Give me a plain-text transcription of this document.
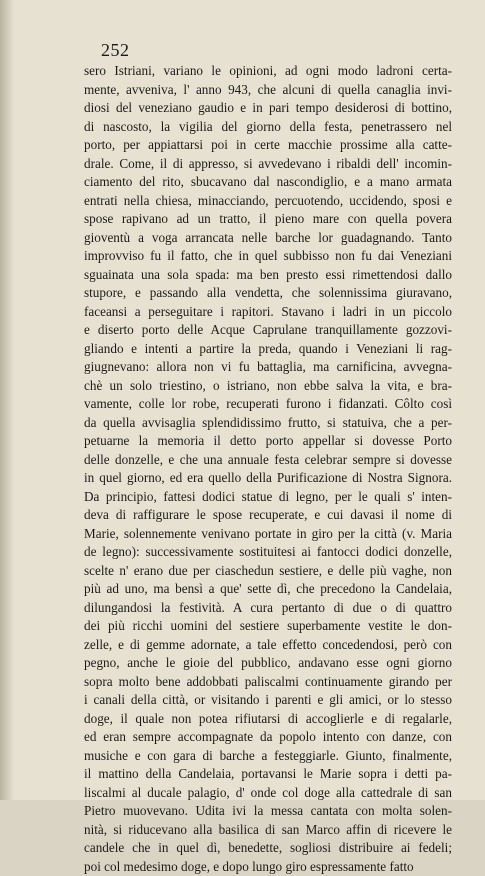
252
sero Istriani, variano le opinioni, ad ogni modo ladroni certa-
mente, avveniva, l' anno 943, che alcuni di quella canaglia invi-
diosi del veneziano gaudio e in pari tempo desiderosi di bottino,
di nascosto, la vigilia del giorno della festa, penetrassero nel
porto, per appiattarsi poi in certe macchie prossime alla catte-
drale. Come, il di appresso, si avvedevano i ribaldi dell' incomin-
ciamento del rito, sbucavano dal nascondiglio, e a mano armata
entrati nella chiesa, minacciando, percuotendo, uccidendo, sposi e
spose rapivano ad un tratto, il pieno mare con quella povera
gioventù a voga arrancata nelle barche lor guadagnando. Tanto
improvviso fu il fatto, che in quel subbisso non fu dai Veneziani
sguainata una sola spada: ma ben presto essi rimettendosi dallo
stupore, e passando alla vendetta, che solennissima giuravano,
faceansi a perseguitare i rapitori. Stavano i ladri in un piccolo
e diserto porto delle Acque Caprulane tranquillamente gozzovi-
gliando e intenti a partire la preda, quando i Veneziani li rag-
giugnevano: allora non vi fu battaglia, ma carnificina, avvegna-
chè un solo triestino, o istriano, non ebbe salva la vita, e bra-
vamente, colle lor robe, recuperati furono i fidanzati. Côlto così
da quella avvisaglia splendidissimo frutto, si statuiva, che a per-
petuarne la memoria il detto porto appellar si dovesse Porto
delle donzelle, e che una annuale festa celebrar sempre si dovesse
in quel giorno, ed era quello della Purificazione di Nostra Signora.
Da principio, fattesi dodici statue di legno, per le quali s' inten-
deva di raffigurare le spose recuperate, e cui davasi il nome di
Marie, solennemente venivano portate in giro per la città (v. Maria
de legno): successivamente sostituitesi ai fantocci dodici donzelle,
scelte n' erano due per ciaschedun sestiere, e delle più vaghe, non
più ad uno, ma bensì a que' sette dì, che precedono la Candelaia,
dilungandosi la festività. A cura pertanto di due o di quattro
dei più ricchi uomini del sestiere superbamente vestite le don-
zelle, e di gemme adornate, a tale effetto concedendosi, però con
pegno, anche le gioie del pubblico, andavano esse ogni giorno
sopra molto bene addobbati paliscalmi continuamente girando per
i canali della città, or visitando i parenti e gli amici, or lo stesso
doge, il quale non potea rifiutarsi di accoglierle e di regalarle,
ed eran sempre accompagnate da popolo intento con danze, con
musiche e con gara di barche a festeggiarle. Giunto, finalmente,
il mattino della Candelaia, portavansi le Marie sopra i detti pa-
liscalmi al ducale palagio, d' onde col doge alla cattedrale di san
Pietro muovevano. Udita ivi la messa cantata con molta solen-
nità, si riducevano alla basilica di san Marco affin di ricevere le
candele che in quel dì, benedette, sogliosi distribuire ai fedeli;
poi col medesimo doge, e dopo lungo giro espressamente fatto
